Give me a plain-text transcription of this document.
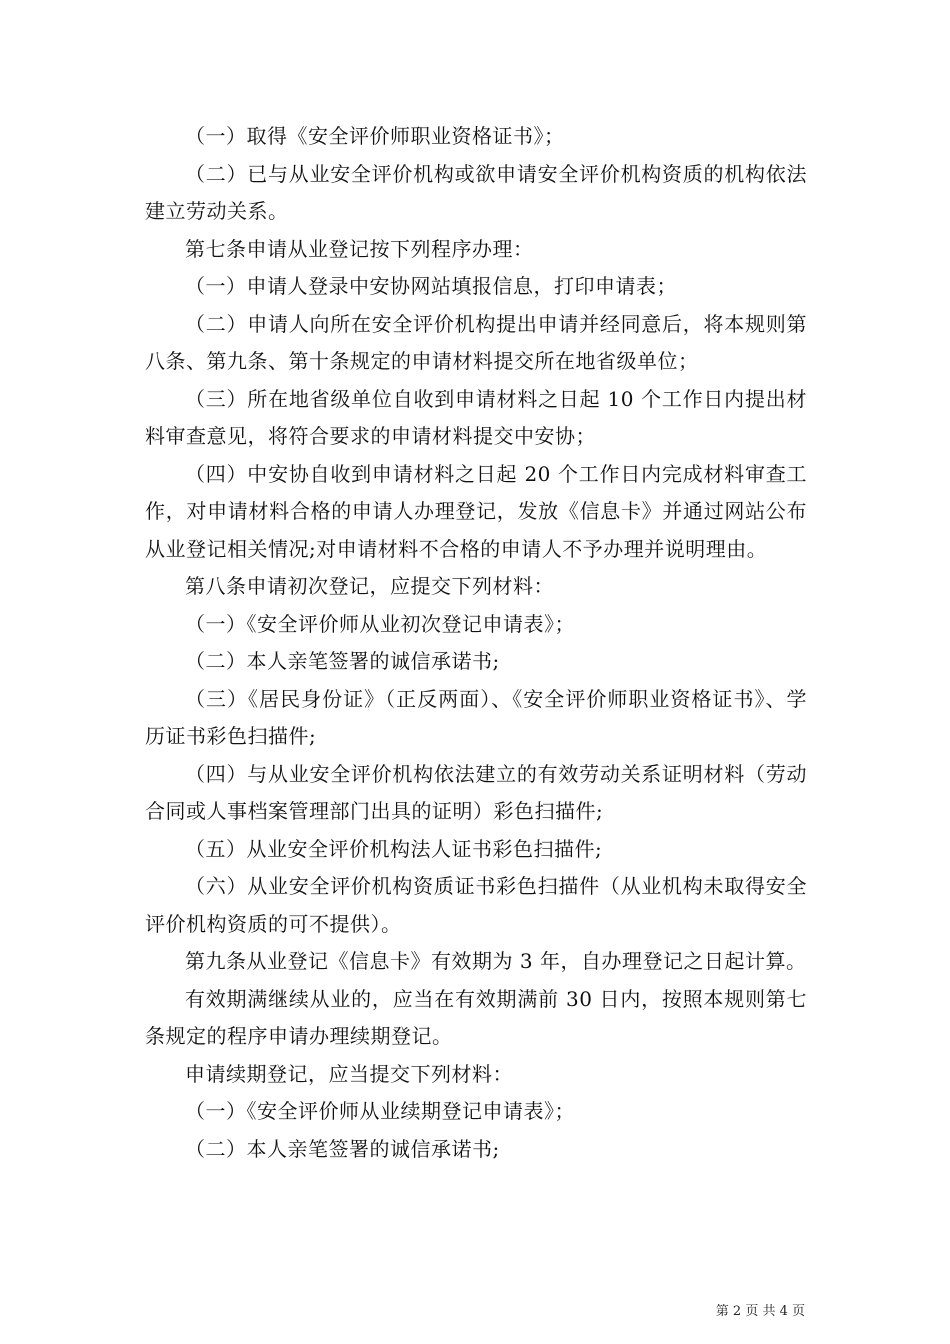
（一）取得《安全评价师职业资格证书》；

（二）已与从业安全评价机构或欲申请安全评价机构资质的机构依法建立劳动关系。

第七条申请从业登记按下列程序办理：

（一）申请人登录中安协网站填报信息，打印申请表；

（二）申请人向所在安全评价机构提出申请并经同意后，将本规则第八条、第九条、第十条规定的申请材料提交所在地省级单位；

（三）所在地省级单位自收到申请材料之日起 10 个工作日内提出材料审查意见，将符合要求的申请材料提交中安协；

（四）中安协自收到申请材料之日起 20 个工作日内完成材料审查工作，对申请材料合格的申请人办理登记，发放《信息卡》并通过网站公布从业登记相关情况;对申请材料不合格的申请人不予办理并说明理由。

第八条申请初次登记，应提交下列材料：

（一）《安全评价师从业初次登记申请表》；

（二）本人亲笔签署的诚信承诺书;

（三）《居民身份证》（正反两面）、《安全评价师职业资格证书》、学历证书彩色扫描件;

（四）与从业安全评价机构依法建立的有效劳动关系证明材料（劳动合同或人事档案管理部门出具的证明）彩色扫描件;

（五）从业安全评价机构法人证书彩色扫描件;

（六）从业安全评价机构资质证书彩色扫描件（从业机构未取得安全评价机构资质的可不提供）。

第九条从业登记《信息卡》有效期为 3 年，自办理登记之日起计算。

有效期满继续从业的，应当在有效期满前 30 日内，按照本规则第七条规定的程序申请办理续期登记。

申请续期登记，应当提交下列材料：

（一）《安全评价师从业续期登记申请表》；

（二）本人亲笔签署的诚信承诺书;

第 2 页 共 4 页
